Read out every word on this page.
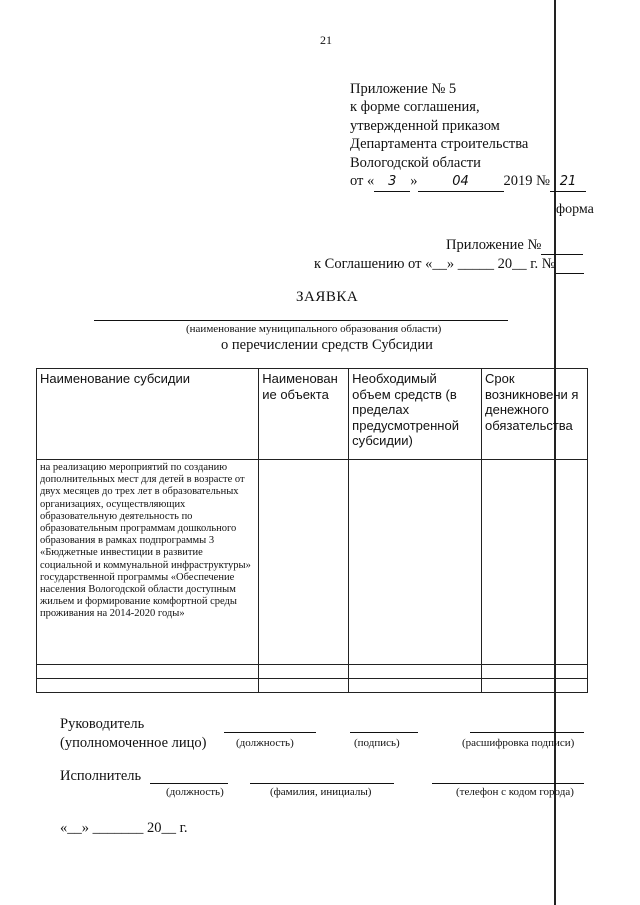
21
Приложение № 5
к форме соглашения,
утвержденной приказом
Департамента строительства
Вологодской области
от « 3 »	04 2019 № 21
форма
Приложение №
к Соглашению от «__» _____ 20__ г. №
ЗАЯВКА
(наименование муниципального образования области)
о перечислении средств Субсидии
Наименование субсидии	Наименован ие объекта	Необходимый объем средств (в пределах предусмотренной субсидии)	Срок возникновени я денежного обязательства
на реализацию мероприятий по созданию дополнительных мест для детей в возрасте от двух месяцев до трех лет в образовательных организациях, осуществляющих образовательную деятельность по образовательным программам дошкольного образования в рамках подпрограммы 3 «Бюджетные инвестиции в развитие социальной и коммунальной инфраструктуры» государственной программы «Обеспечение населения Вологодской области доступным жильем и формирование комфортной среды проживания на 2014-2020 годы»			

Руководитель
(уполномоченное лицо)	(должность)	(подпись)	(расшифровка подписи)
Исполнитель
(должность)	(фамилия, инициалы)	(телефон с кодом города)
«__» _______ 20__ г.
